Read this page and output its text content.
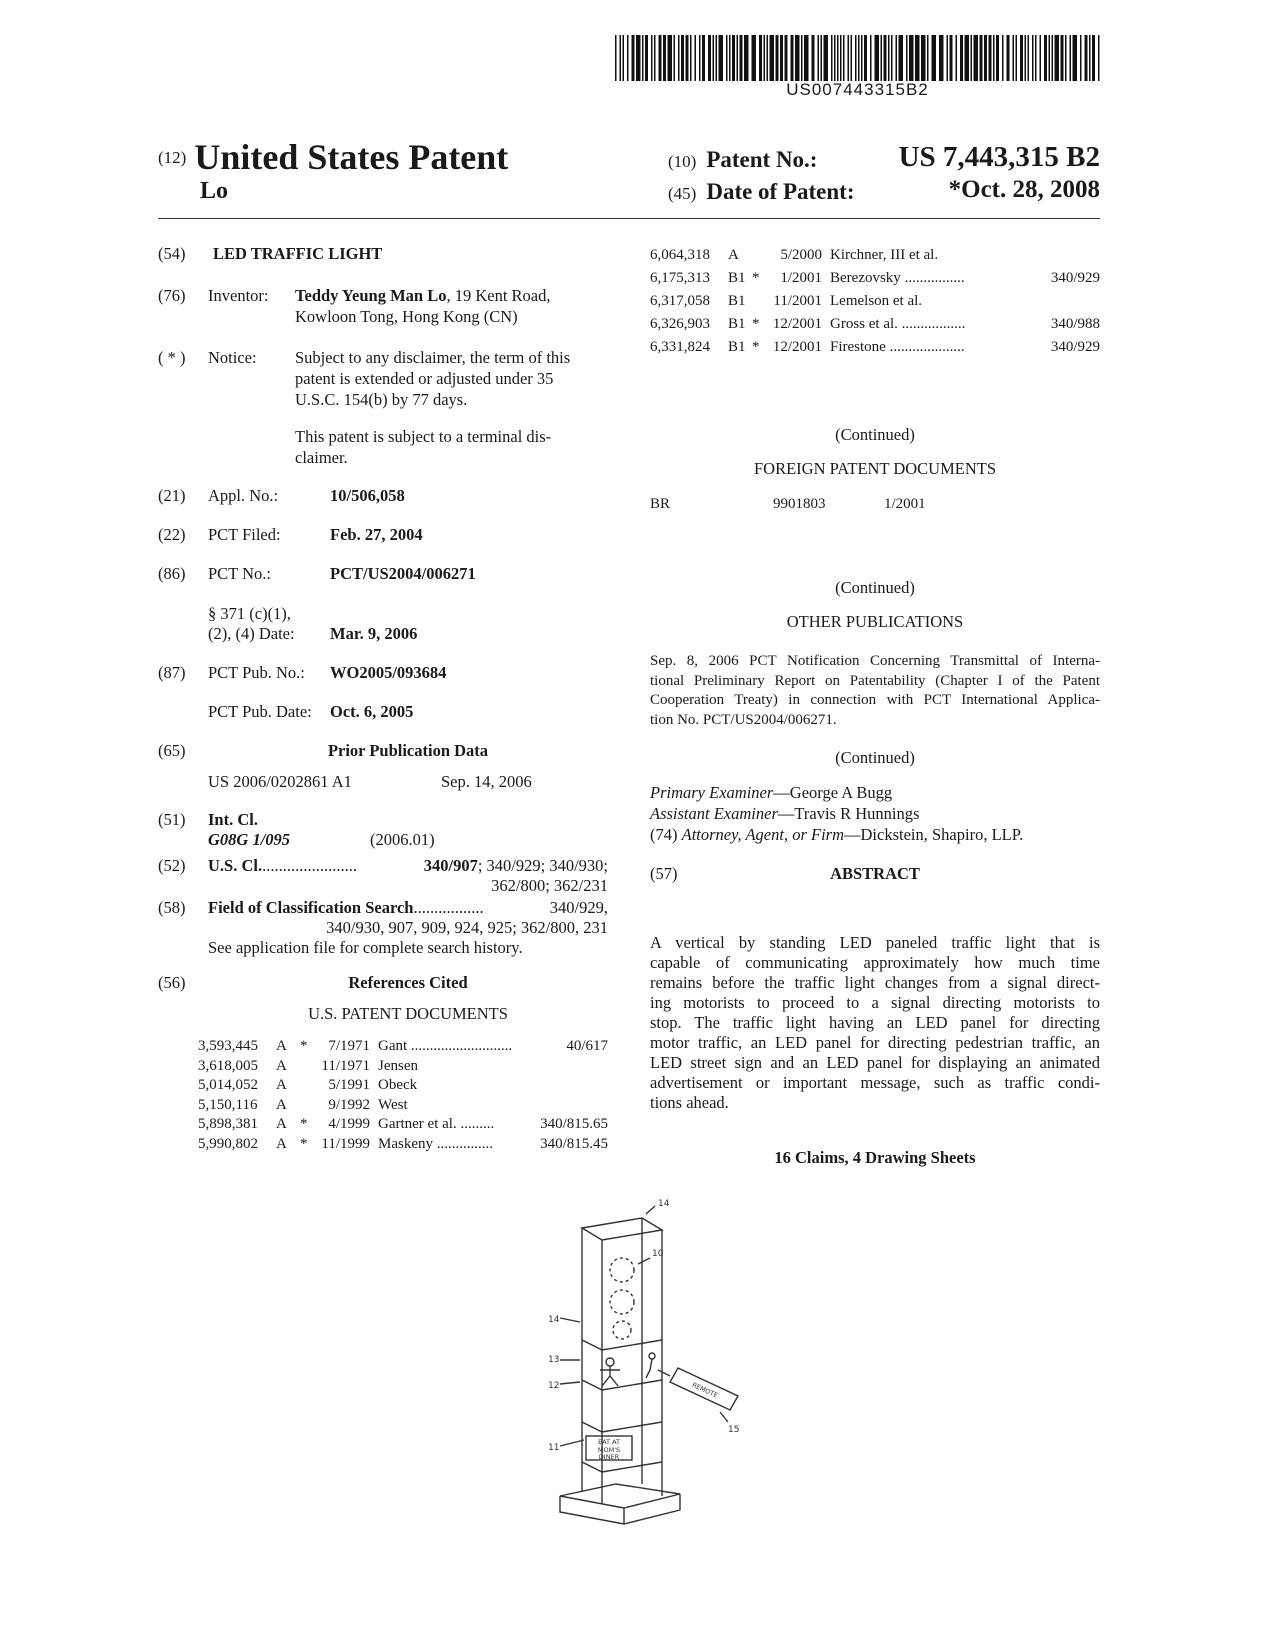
US007443315B2
(12) United States Patent
Lo
(10) Patent No.:	US 7,443,315 B2
(45) Date of Patent:	*Oct. 28, 2008
(54) LED TRAFFIC LIGHT
(76) Inventor: Teddy Yeung Man Lo, 19 Kent Road,
Kowloon Tong, Hong Kong (CN)
( * ) Notice: Subject to any disclaimer, the term of this
patent is extended or adjusted under 35
U.S.C. 154(b) by 77 days.
This patent is subject to a terminal dis-
claimer.
(21) Appl. No.:	10/506,058
(22) PCT Filed:	Feb. 27, 2004
(86) PCT No.:	PCT/US2004/006271
§ 371 (c)(1),
(2), (4) Date: Mar. 9, 2006
(87) PCT Pub. No.: WO2005/093684
PCT Pub. Date: Oct. 6, 2005
(65)	Prior Publication Data
US 2006/0202861 A1	Sep. 14, 2006
(51) Int. Cl.
G08G 1/095	(2006.01)
(52) U.S. Cl. .......................	340/907 ; 340/929; 340/930;
362/800; 362/231
(58) Field of Classification Search .................	340/929,
340/930, 907, 909, 924, 925; 362/800, 231
See application file for complete search history.
(56)	References Cited
U.S. PATENT DOCUMENTS
3,593,445	A *	7/1971 Gant ...........................	40/617
3,618,005	A	11/1971 Jensen
5,014,052	A	5/1991 Obeck
5,150,116	A	9/1992 West
5,898,381	A *	4/1999 Gartner et al. .........	340/815.65
5,990,802	A * 11/1999 Maskeny ...............	340/815.45
6,064,318	A	5/2000 Kirchner, III et al.
6,175,313	B1 *	1/2001 Berezovsky ................	340/929
6,317,058	B1	11/2001 Lemelson et al.
6,326,903	B1 * 12/2001 Gross et al. .................	340/988
6,331,824	B1 * 12/2001 Firestone ....................	340/929
(Continued)
FOREIGN PATENT DOCUMENTS
BR	9901803	1/2001
(Continued)
OTHER PUBLICATIONS
Sep. 8, 2006 PCT Notification Concerning Transmittal of Interna-
tional Preliminary Report on Patentability (Chapter I of the Patent
Cooperation Treaty) in connection with PCT International Applica-
tion No. PCT/US2004/006271.
(Continued)
Primary Examiner—George A Bugg
Assistant Examiner—Travis R Hunnings
(74) Attorney, Agent, or Firm—Dickstein, Shapiro, LLP.
(57)	ABSTRACT
A vertical by standing LED paneled traffic light that is
capable of communicating approximately how much time
remains before the traffic light changes from a signal direct-
ing motorists to proceed to a signal directing motorists to
stop. The traffic light having an LED panel for directing
motor traffic, an LED panel for directing pedestrian traffic, an
LED street sign and an LED panel for displaying an animated
advertisement or important message, such as traffic condi-
tions ahead.
16 Claims, 4 Drawing Sheets
14
10
14
13
12
11
15
EAT AT
MOM'S
DINER
REMOTE
